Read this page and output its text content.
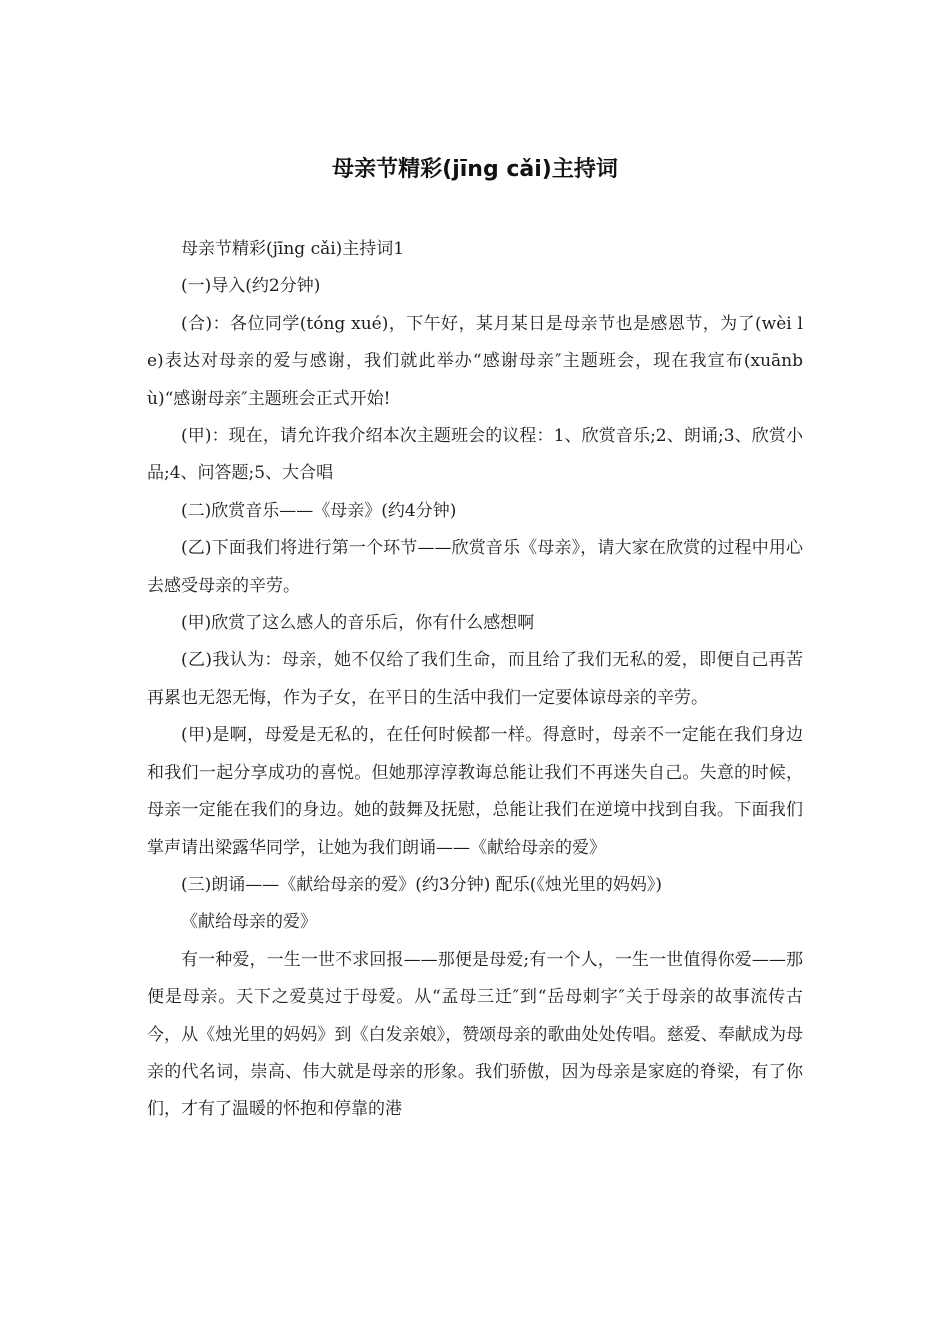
母亲节精彩(jīng cǎi)主持词

母亲节精彩(jīng cǎi)主持词1

(一)导入(约2分钟)

(合)：各位同学(tóng xué)，下午好，某月某日是母亲节也是感恩节，为了(wèi le)表达对母亲的爱与感谢，我们就此举办“感谢母亲″主题班会，现在我宣布(xuānbù)“感谢母亲″主题班会正式开始!

(甲)：现在，请允许我介绍本次主题班会的议程：1、欣赏音乐;2、朗诵;3、欣赏小品;4、问答题;5、大合唱

(二)欣赏音乐——《母亲》(约4分钟)

(乙)下面我们将进行第一个环节——欣赏音乐《母亲》，请大家在欣赏的过程中用心去感受母亲的辛劳。

(甲)欣赏了这么感人的音乐后，你有什么感想啊

(乙)我认为：母亲，她不仅给了我们生命，而且给了我们无私的爱，即便自己再苦再累也无怨无悔，作为子女，在平日的生活中我们一定要体谅母亲的辛劳。

(甲)是啊，母爱是无私的，在任何时候都一样。得意时，母亲不一定能在我们身边和我们一起分享成功的喜悦。但她那淳淳教诲总能让我们不再迷失自己。失意的时候，母亲一定能在我们的身边。她的鼓舞及抚慰，总能让我们在逆境中找到自我。下面我们掌声请出梁露华同学，让她为我们朗诵——《献给母亲的爱》

(三)朗诵——《献给母亲的爱》(约3分钟) 配乐(《烛光里的妈妈》)

《献给母亲的爱》

有一种爱，一生一世不求回报——那便是母爱;有一个人，一生一世值得你爱——那便是母亲。天下之爱莫过于母爱。从“孟母三迁″到“岳母刺字″关于母亲的故事流传古今，从《烛光里的妈妈》到《白发亲娘》，赞颂母亲的歌曲处处传唱。慈爱、奉献成为母亲的代名词，崇高、伟大就是母亲的形象。我们骄傲，因为母亲是家庭的脊梁，有了你们，才有了温暖的怀抱和停靠的港
